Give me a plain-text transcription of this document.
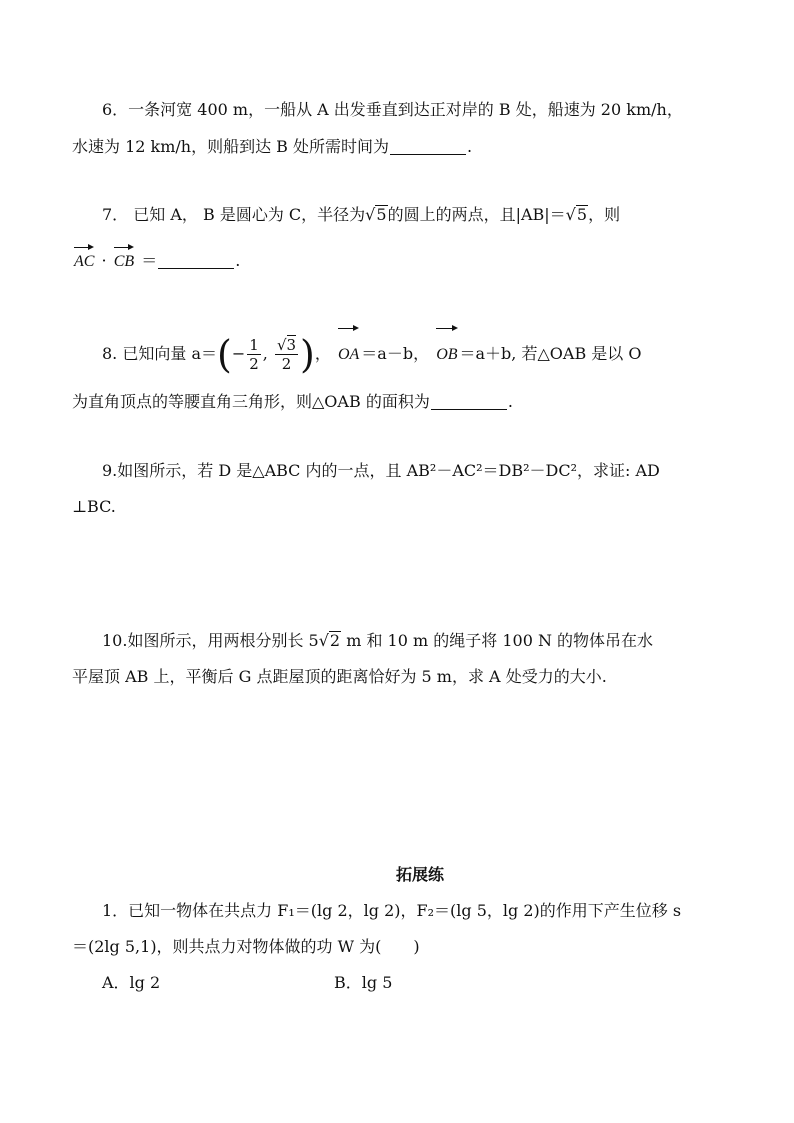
6．一条河宽 400 m，一船从 A 出发垂直到达正对岸的 B 处，船速为 20 km/h，
水速为 12 km/h，则船到达 B 处所需时间为	.
7． 已知 A， B 是圆心为 C，半径为√5的圆上的两点，且|AB|＝√5，则
AC · CB ＝	.
8. 已知向量 $a=(- \frac{1}{2}$ , $\frac{√3}{2}$ )， OA ＝a－b， OB ＝a＋b, 若△OAB 是以 O
为直角顶点的等腰直角三角形，则△OAB 的面积为	.
9.如图所示，若 D 是△ABC 内的一点，且 AB²－AC²＝DB²－DC²，求证: AD
⊥BC.
10.如图所示，用两根分别长 5√2 m 和 10 m 的绳子将 100 N 的物体吊在水
平屋顶 AB 上，平衡后 G 点距屋顶的距离恰好为 5 m，求 A 处受力的大小.
拓展练
1．已知一物体在共点力 F₁＝(lg 2，lg 2)，F₂＝(lg 5，lg 2)的作用下产生位移 s
＝(2lg 5,1)，则共点力对物体做的功 W 为(　　)
A．lg 2	B．lg 5
